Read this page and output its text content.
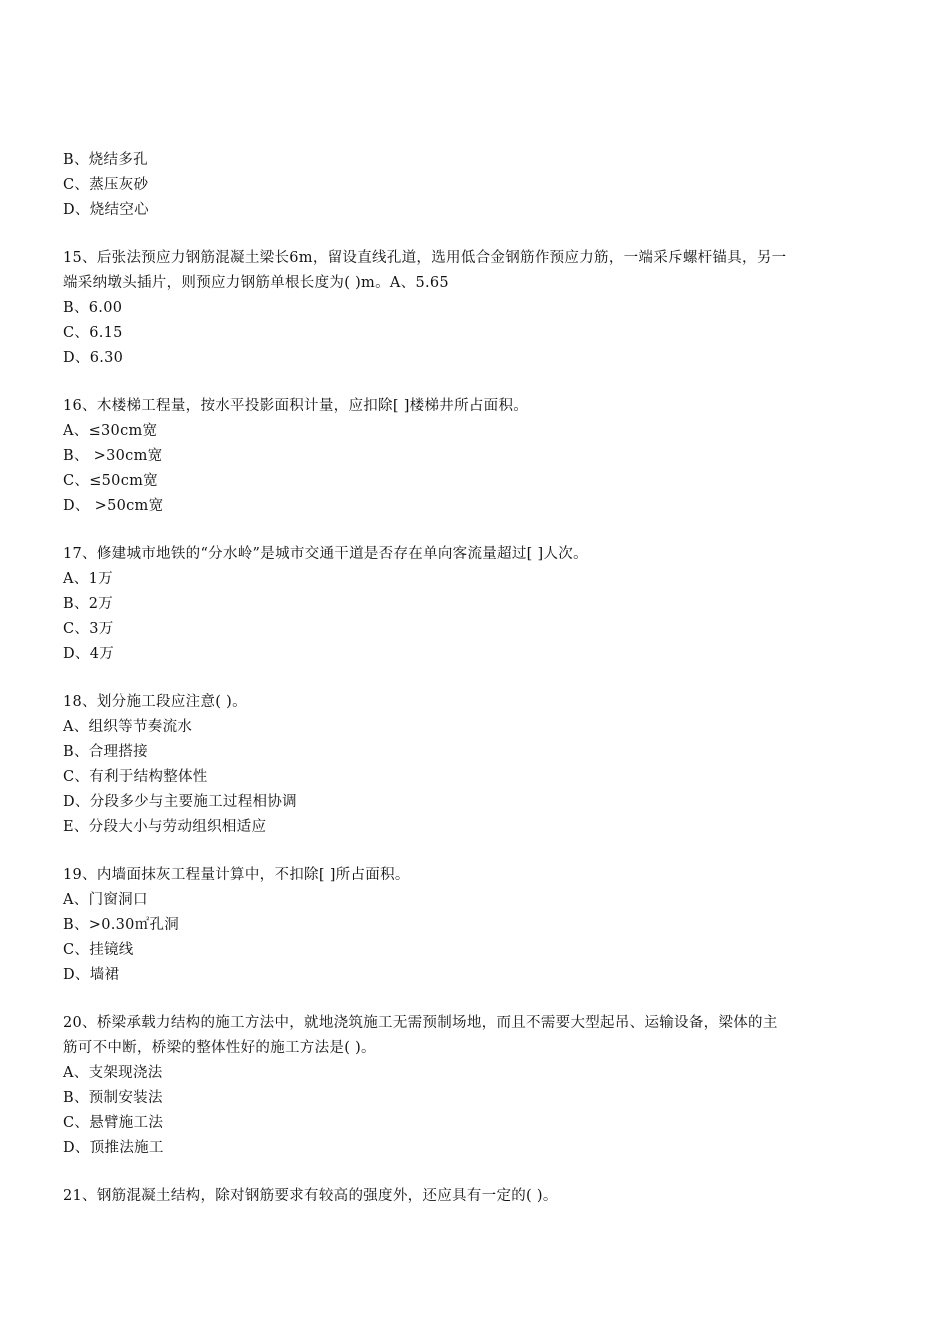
B、烧结多孔
C、蒸压灰砂
D、烧结空心
15、后张法预应力钢筋混凝土梁长6m，留设直线孔道，选用低合金钢筋作预应力筋，一端采斥螺杆锚具，另一
端采纳墩头插片，则预应力钢筋单根长度为( )m。A、5.65
B、6.00
C、6.15
D、6.30
16、木楼梯工程量，按水平投影面积计量，应扣除[ ]楼梯井所占面积。
A、≤30cm宽
B、 >30cm宽
C、≤50cm宽
D、 >50cm宽
17、修建城市地铁的“分水岭”是城市交通干道是否存在单向客流量超过[ ]人次。
A、1万
B、2万
C、3万
D、4万
18、划分施工段应注意( )。
A、组织等节奏流水
B、合理搭接
C、有利于结构整体性
D、分段多少与主要施工过程相协调
E、分段大小与劳动组织相适应
19、内墙面抹灰工程量计算中，不扣除[ ]所占面积。
A、门窗洞口
B、>0.30㎡孔洞
C、挂镜线
D、墙裙
20、桥梁承载力结构的施工方法中，就地浇筑施工无需预制场地，而且不需要大型起吊、运输设备，梁体的主
筋可不中断，桥梁的整体性好的施工方法是( )。
A、支架现浇法
B、预制安装法
C、悬臂施工法
D、顶推法施工
21、钢筋混凝土结构，除对钢筋要求有较高的强度外，还应具有一定的( )。
